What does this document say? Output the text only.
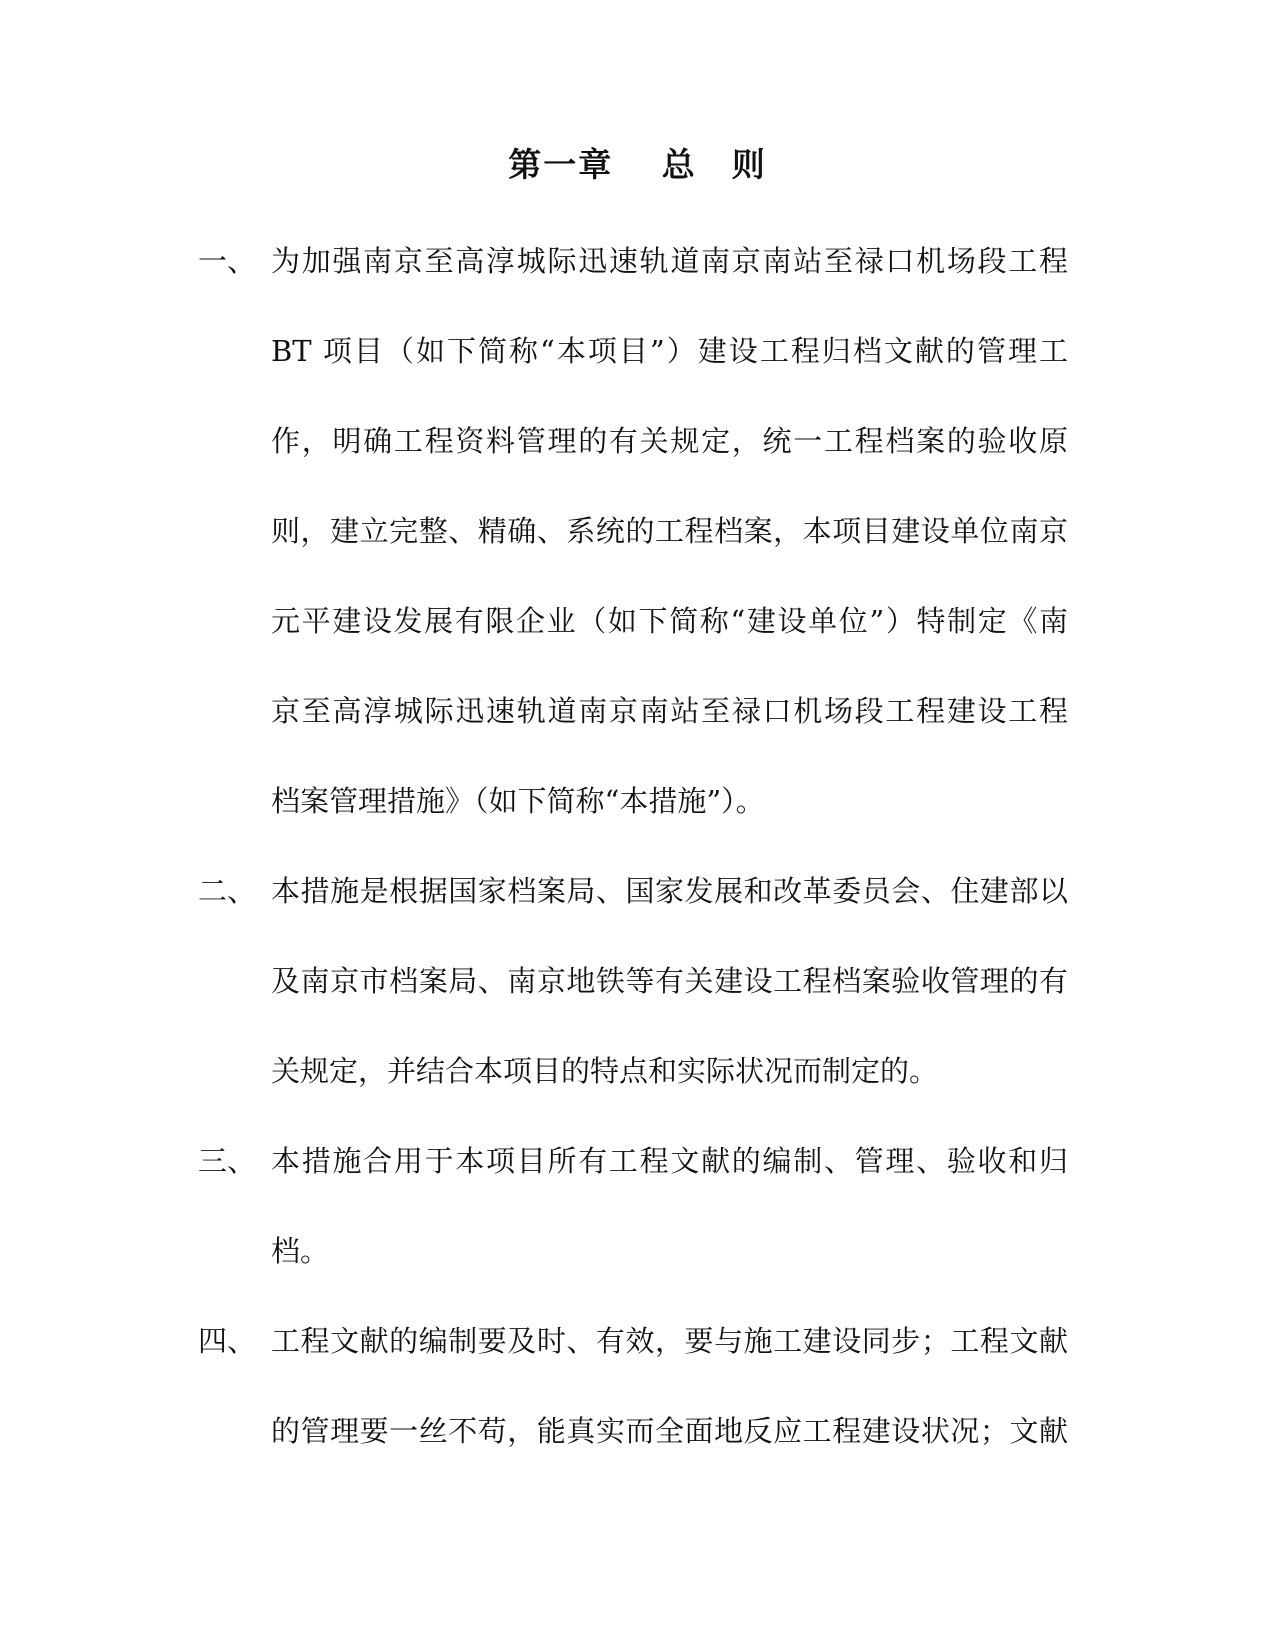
第一章　 总　则
一、 为加强南京至高淳城际迅速轨道南京南站至禄口机场段工程
BT 项目（如下简称“本项目”）建设工程归档文献的管理工
作，明确工程资料管理的有关规定，统一工程档案的验收原
则，建立完整、精确、系统的工程档案，本项目建设单位南京
元平建设发展有限企业（如下简称“建设单位”）特制定《南
京至高淳城际迅速轨道南京南站至禄口机场段工程建设工程
档案管理措施》（如下简称“本措施”）。
二、 本措施是根据国家档案局、国家发展和改革委员会、住建部以
及南京市档案局、南京地铁等有关建设工程档案验收管理的有
关规定，并结合本项目的特点和实际状况而制定的。
三、 本措施合用于本项目所有工程文献的编制、管理、验收和归
档。
四、 工程文献的编制要及时、有效，要与施工建设同步；工程文献
的管理要一丝不苟，能真实而全面地反应工程建设状况；文献
